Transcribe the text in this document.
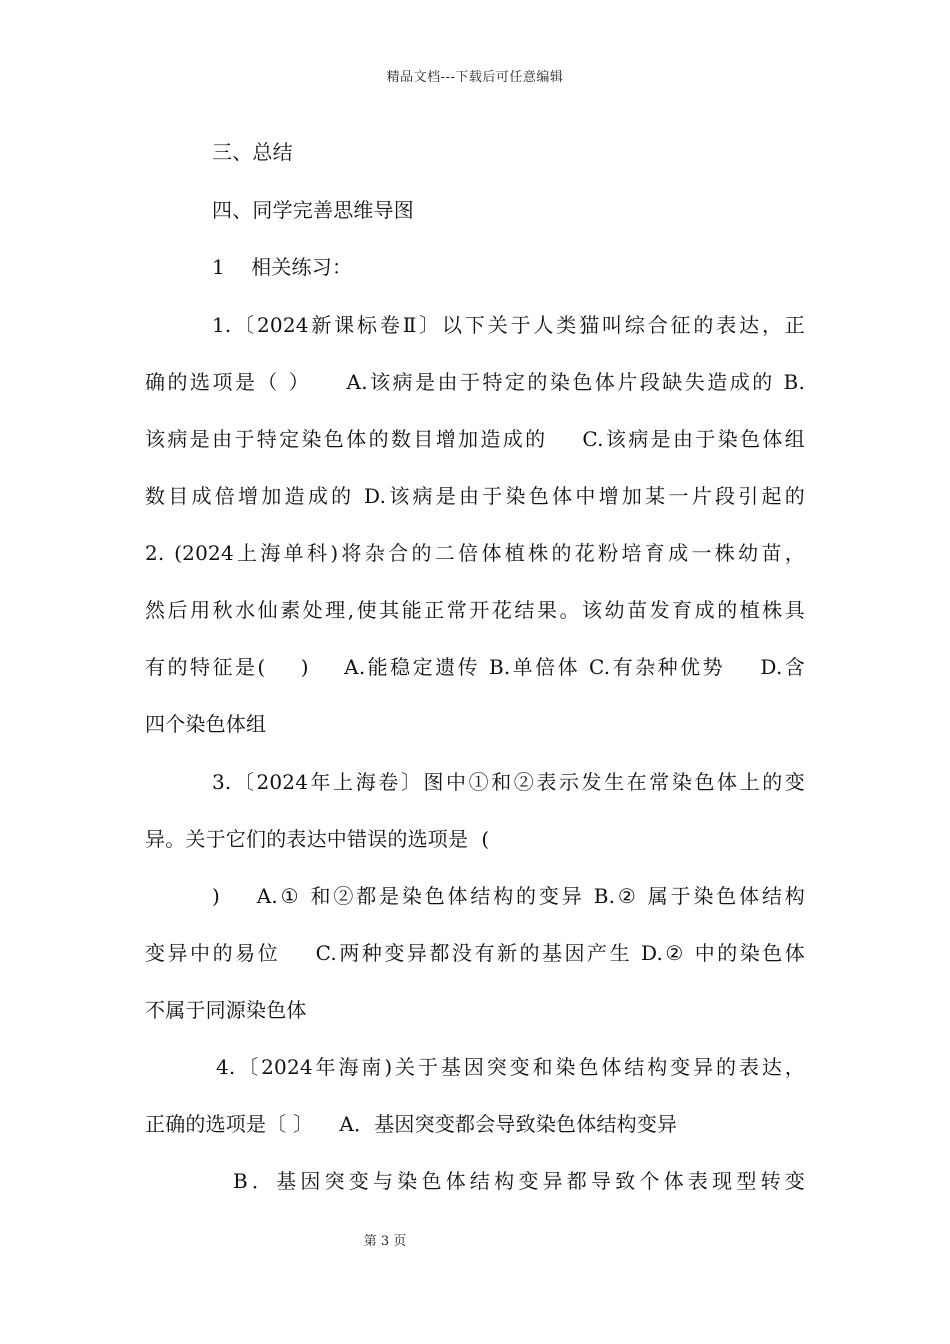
精品文档---下载后可任意编辑
三、总结
四、同学完善思维导图
1    相关练习：
1.〔2024新课标卷Ⅱ〕以下关于人类猫叫综合征的表达，正
确的选项是（ ）    A.该病是由于特定的染色体片段缺失造成的 B.
该病是由于特定染色体的数目增加造成的    C.该病是由于染色体组
数目成倍增加造成的 D.该病是由于染色体中增加某一片段引起的
2. (2024上海单科)将杂合的二倍体植株的花粉培育成一株幼苗，
然后用秋水仙素处理,使其能正常开花结果。该幼苗发育成的植株具
有的特征是(    )    A.能稳定遗传 B.单倍体 C.有杂种优势    D.含
四个染色体组
3.〔2024年上海卷〕图中①和②表示发生在常染色体上的变
异。关于它们的表达中错误的选项是  (
)    A.① 和②都是染色体结构的变异 B.② 属于染色体结构
变异中的易位    C.两种变异都没有新的基因产生 D.② 中的染色体
不属于同源染色体
4.〔2024年海南)关于基因突变和染色体结构变异的表达，
正确的选项是〔 〕    A．基因突变都会导致染色体结构变异
B．基因突变与染色体结构变异都导致个体表现型转变
第 3 页
